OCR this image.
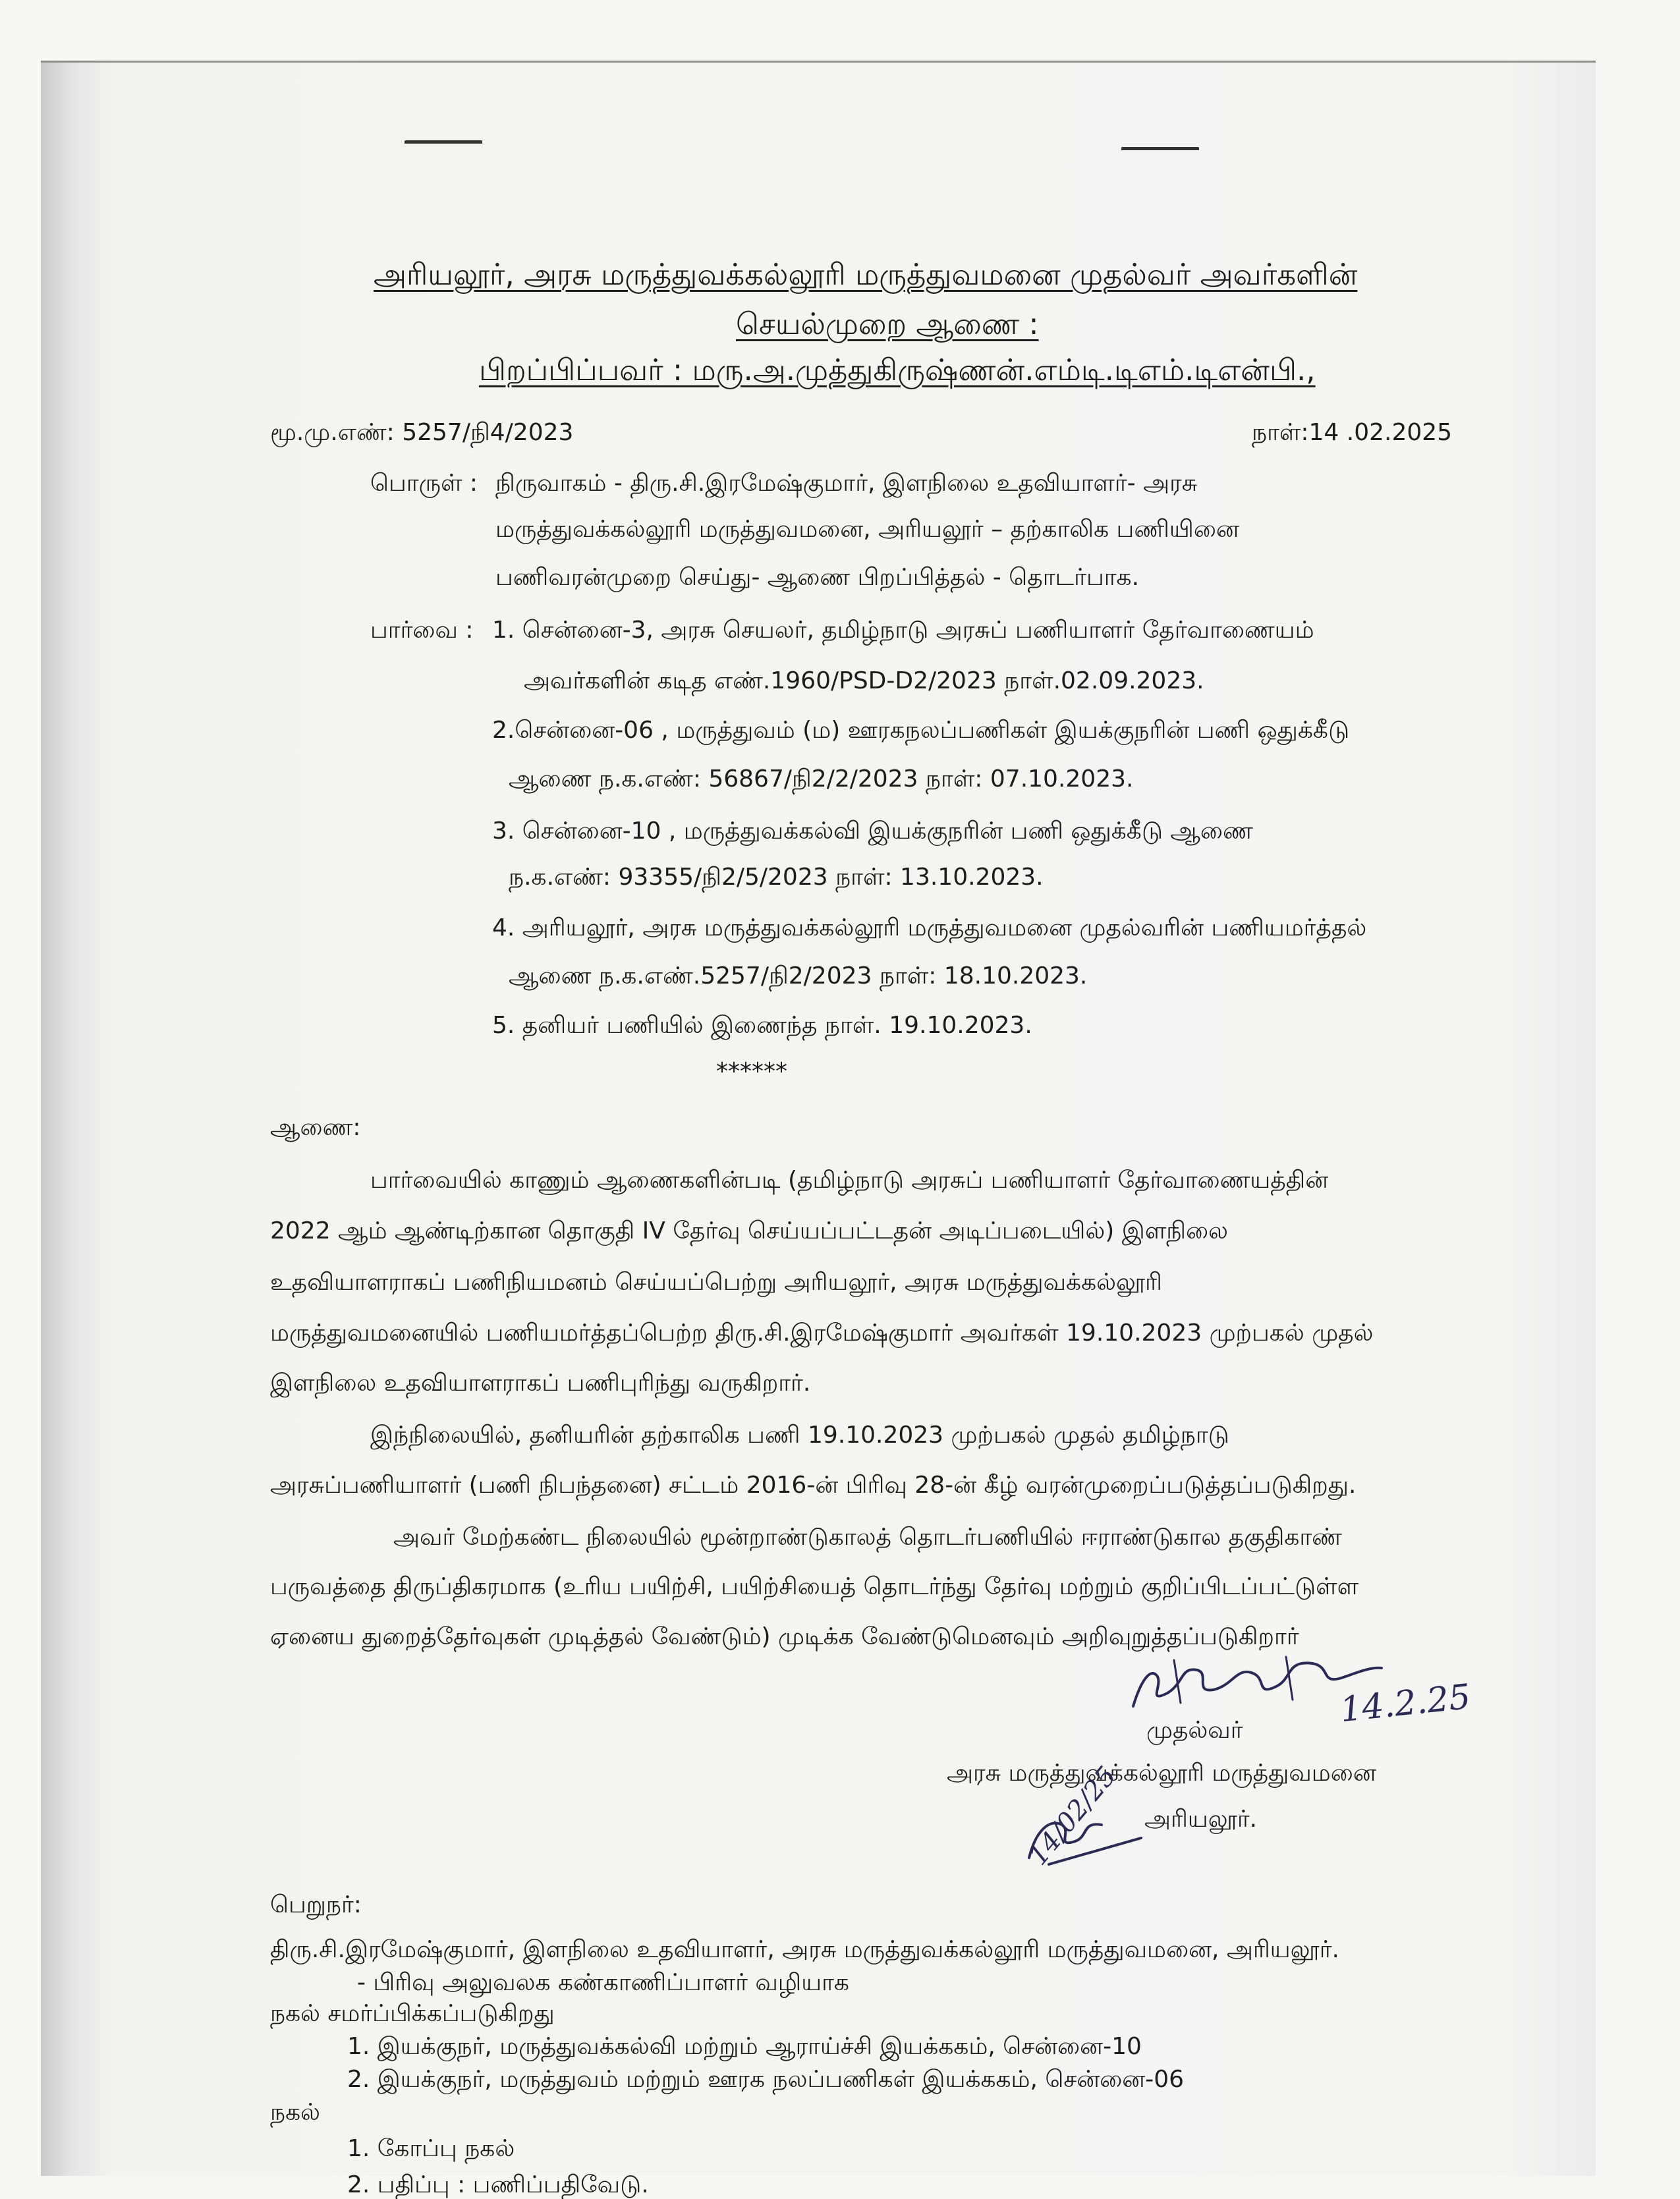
அரியலூர், அரசு மருத்துவக்கல்லூரி மருத்துவமனை முதல்வர் அவர்களின்
செயல்முறை ஆணை :
பிறப்பிப்பவர் : மரு.அ.முத்துகிருஷ்ணன்.எம்டி.டிஎம்.டிஎன்பி.,
மூ.மு.எண்: 5257/நி4/2023	நாள்:14 .02.2025
பொருள் : நிருவாகம் - திரு.சி.இரமேஷ்குமார், இளநிலை உதவியாளர்- அரசு
மருத்துவக்கல்லூரி மருத்துவமனை, அரியலூர் – தற்காலிக பணியினை
பணிவரன்முறை செய்து- ஆணை பிறப்பித்தல் - தொடர்பாக.
பார்வை : 1. சென்னை-3, அரசு செயலர், தமிழ்நாடு அரசுப் பணியாளர் தேர்வாணையம்
அவர்களின் கடித எண்.1960/PSD-D2/2023 நாள்.02.09.2023.
2.சென்னை-06 , மருத்துவம் (ம) ஊரகநலப்பணிகள் இயக்குநரின் பணி ஒதுக்கீடு
ஆணை ந.க.எண்: 56867/நி2/2/2023 நாள்: 07.10.2023.
3. சென்னை-10 , மருத்துவக்கல்வி இயக்குநரின் பணி ஒதுக்கீடு ஆணை
ந.க.எண்: 93355/நி2/5/2023 நாள்: 13.10.2023.
4. அரியலூர், அரசு மருத்துவக்கல்லூரி மருத்துவமனை முதல்வரின் பணியமர்த்தல்
ஆணை ந.க.எண்.5257/நி2/2023 நாள்: 18.10.2023.
5. தனியர் பணியில் இணைந்த நாள். 19.10.2023.
******
ஆணை:
பார்வையில் காணும் ஆணைகளின்படி (தமிழ்நாடு அரசுப் பணியாளர் தேர்வாணையத்தின்
2022 ஆம் ஆண்டிற்கான தொகுதி IV தேர்வு செய்யப்பட்டதன் அடிப்படையில்) இளநிலை
உதவியாளராகப் பணிநியமனம் செய்யப்பெற்று அரியலூர், அரசு மருத்துவக்கல்லூரி
மருத்துவமனையில் பணியமர்த்தப்பெற்ற திரு.சி.இரமேஷ்குமார் அவர்கள் 19.10.2023 முற்பகல் முதல்
இளநிலை உதவியாளராகப் பணிபுரிந்து வருகிறார்.
இந்நிலையில், தனியரின் தற்காலிக பணி 19.10.2023 முற்பகல் முதல் தமிழ்நாடு
அரசுப்பணியாளர் (பணி நிபந்தனை) சட்டம் 2016-ன் பிரிவு 28-ன் கீழ் வரன்முறைப்படுத்தப்படுகிறது.
அவர் மேற்கண்ட நிலையில் மூன்றாண்டுகாலத் தொடர்பணியில் ஈராண்டுகால தகுதிகாண்
பருவத்தை திருப்திகரமாக (உரிய பயிற்சி, பயிற்சியைத் தொடர்ந்து தேர்வு மற்றும் குறிப்பிடப்பட்டுள்ள
ஏனைய துறைத்தேர்வுகள் முடித்தல் வேண்டும்) முடிக்க வேண்டுமெனவும் அறிவுறுத்தப்படுகிறார்
14.2.25
முதல்வர்
அரசு மருத்துவக்கல்லூரி மருத்துவமனை
14/02/25 அரியலூர்.
பெறுநர்:
திரு.சி.இரமேஷ்குமார், இளநிலை உதவியாளர், அரசு மருத்துவக்கல்லூரி மருத்துவமனை, அரியலூர்.
- பிரிவு அலுவலக கண்காணிப்பாளர் வழியாக
நகல் சமர்ப்பிக்கப்படுகிறது
1. இயக்குநர், மருத்துவக்கல்வி மற்றும் ஆராய்ச்சி இயக்ககம், சென்னை-10
2. இயக்குநர், மருத்துவம் மற்றும் ஊரக நலப்பணிகள் இயக்ககம், சென்னை-06
நகல்
1. கோப்பு நகல்
2. பதிப்பு : பணிப்பதிவேடு.
